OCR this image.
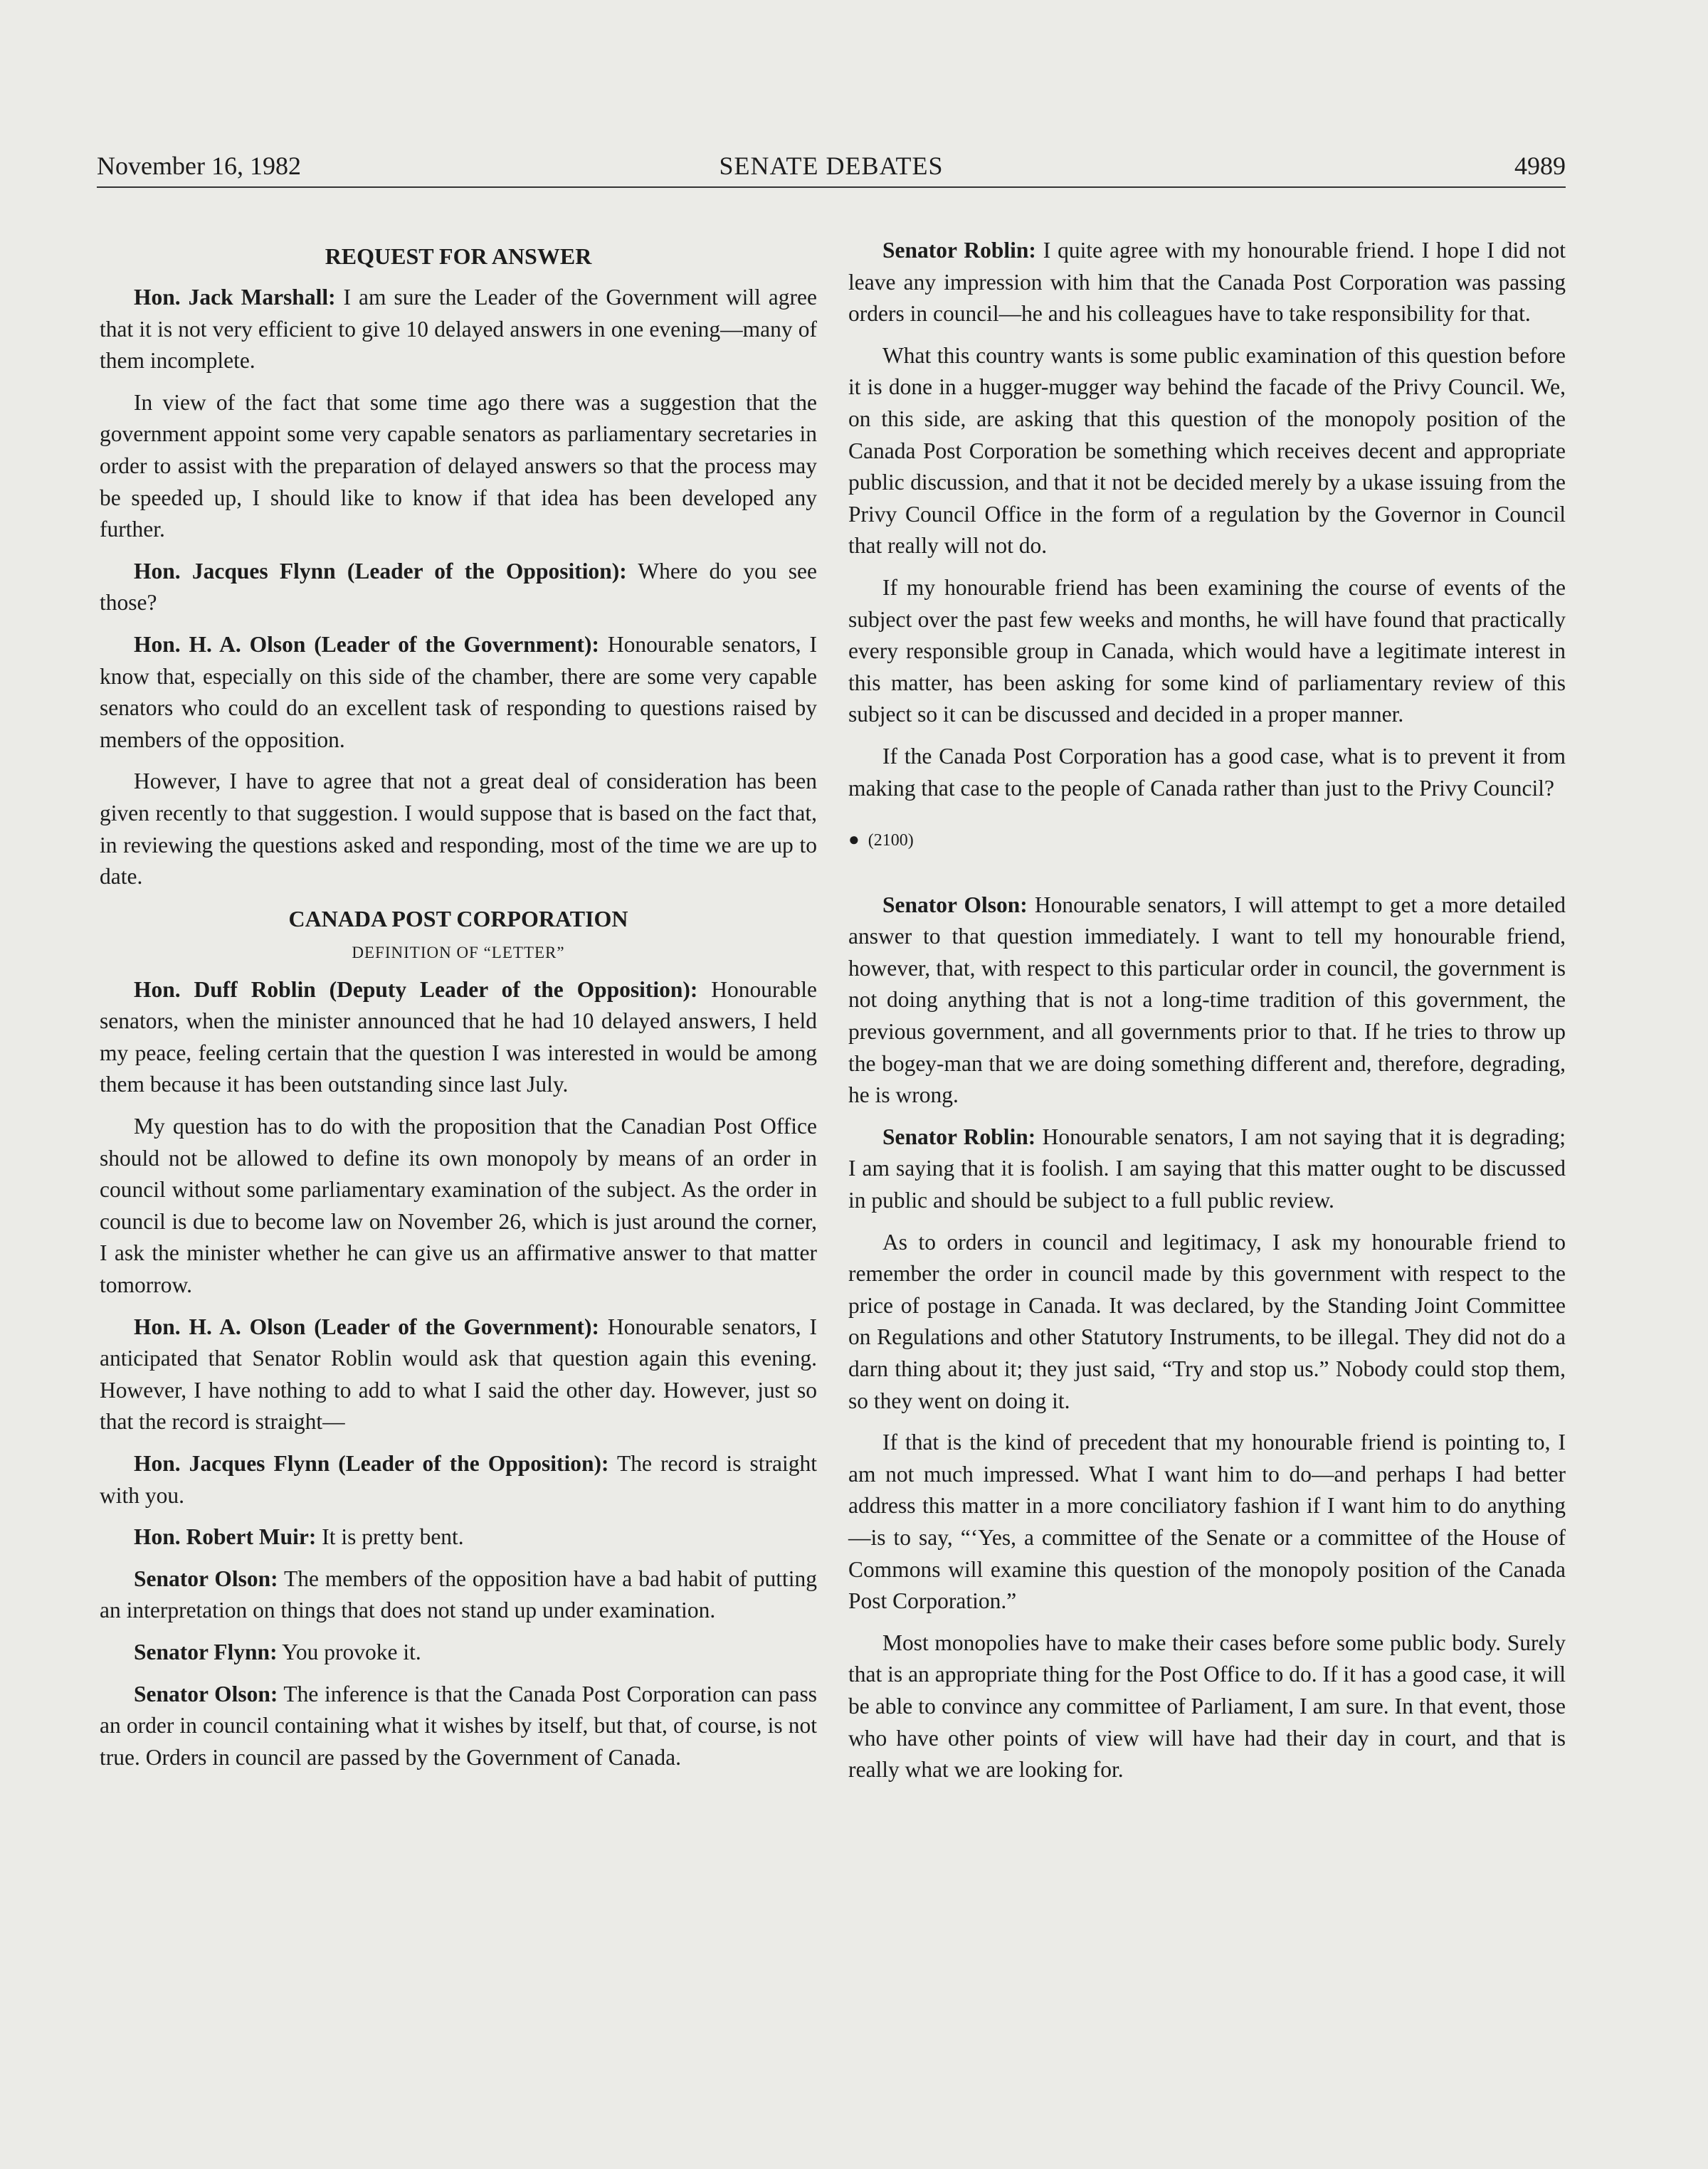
November 16, 1982	SENATE DEBATES	4989
REQUEST FOR ANSWER

Hon. Jack Marshall: I am sure the Leader of the Government will agree that it is not very efficient to give 10 delayed answers in one evening—many of them incomplete.

In view of the fact that some time ago there was a suggestion that the government appoint some very capable senators as parliamentary secretaries in order to assist with the preparation of delayed answers so that the process may be speeded up, I should like to know if that idea has been developed any further.

Hon. Jacques Flynn (Leader of the Opposition): Where do you see those?

Hon. H. A. Olson (Leader of the Government): Honourable senators, I know that, especially on this side of the chamber, there are some very capable senators who could do an excellent task of responding to questions raised by members of the opposition.

However, I have to agree that not a great deal of consideration has been given recently to that suggestion. I would suppose that is based on the fact that, in reviewing the questions asked and responding, most of the time we are up to date.

CANADA POST CORPORATION
DEFINITION OF “LETTER”

Hon. Duff Roblin (Deputy Leader of the Opposition): Honourable senators, when the minister announced that he had 10 delayed answers, I held my peace, feeling certain that the question I was interested in would be among them because it has been outstanding since last July.

My question has to do with the proposition that the Canadian Post Office should not be allowed to define its own monopoly by means of an order in council without some parliamentary examination of the subject. As the order in council is due to become law on November 26, which is just around the corner, I ask the minister whether he can give us an affirmative answer to that matter tomorrow.

Hon. H. A. Olson (Leader of the Government): Honourable senators, I anticipated that Senator Roblin would ask that question again this evening. However, I have nothing to add to what I said the other day. However, just so that the record is straight—

Hon. Jacques Flynn (Leader of the Opposition): The record is straight with you.

Hon. Robert Muir: It is pretty bent.

Senator Olson: The members of the opposition have a bad habit of putting an interpretation on things that does not stand up under examination.

Senator Flynn: You provoke it.

Senator Olson: The inference is that the Canada Post Corporation can pass an order in council containing what it wishes by itself, but that, of course, is not true. Orders in council are passed by the Government of Canada.

Senator Roblin: I quite agree with my honourable friend. I hope I did not leave any impression with him that the Canada Post Corporation was passing orders in council—he and his colleagues have to take responsibility for that.

What this country wants is some public examination of this question before it is done in a hugger-mugger way behind the facade of the Privy Council. We, on this side, are asking that this question of the monopoly position of the Canada Post Corporation be something which receives decent and appropriate public discussion, and that it not be decided merely by a ukase issuing from the Privy Council Office in the form of a regulation by the Governor in Council that really will not do.

If my honourable friend has been examining the course of events of the subject over the past few weeks and months, he will have found that practically every responsible group in Canada, which would have a legitimate interest in this matter, has been asking for some kind of parliamentary review of this subject so it can be discussed and decided in a proper manner.

If the Canada Post Corporation has a good case, what is to prevent it from making that case to the people of Canada rather than just to the Privy Council?

● (2100)

Senator Olson: Honourable senators, I will attempt to get a more detailed answer to that question immediately. I want to tell my honourable friend, however, that, with respect to this particular order in council, the government is not doing anything that is not a long-time tradition of this government, the previous government, and all governments prior to that. If he tries to throw up the bogey-man that we are doing something different and, therefore, degrading, he is wrong.

Senator Roblin: Honourable senators, I am not saying that it is degrading; I am saying that it is foolish. I am saying that this matter ought to be discussed in public and should be subject to a full public review.

As to orders in council and legitimacy, I ask my honourable friend to remember the order in council made by this government with respect to the price of postage in Canada. It was declared, by the Standing Joint Committee on Regulations and other Statutory Instruments, to be illegal. They did not do a darn thing about it; they just said, “Try and stop us.” Nobody could stop them, so they went on doing it.

If that is the kind of precedent that my honourable friend is pointing to, I am not much impressed. What I want him to do—and perhaps I had better address this matter in a more conciliatory fashion if I want him to do anything—is to say, “‘Yes, a committee of the Senate or a committee of the House of Commons will examine this question of the monopoly position of the Canada Post Corporation.”

Most monopolies have to make their cases before some public body. Surely that is an appropriate thing for the Post Office to do. If it has a good case, it will be able to convince any committee of Parliament, I am sure. In that event, those who have other points of view will have had their day in court, and that is really what we are looking for.
